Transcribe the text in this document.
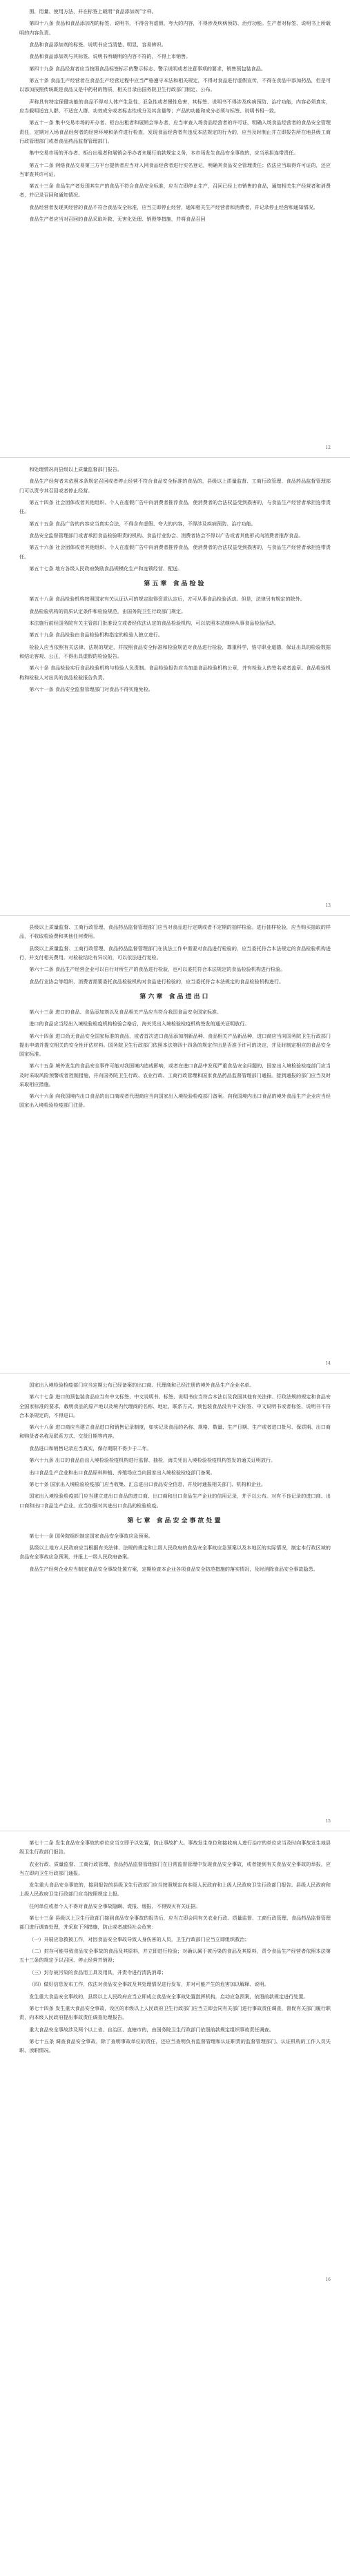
围、用量、使用方法，并在标签上载明“食品添加剂”字样。

第四十八条 食品和食品添加剂的标签、说明书，不得含有虚假、夸大的内容，不得涉及疾病预防、治疗功能。生产者对标签、说明书上所载明的内容负责。

食品和食品添加剂的标签、说明书应当清楚、明显，容易辨识。

食品和食品添加剂与其标签、说明书所载明的内容不符的，不得上市销售。

第四十九条 食品经营者应当按照食品标签标示的警示标志、警示说明或者注意事项的要求，销售预包装食品。

第五十条 食品生产经营者在食品生产经营过程中应当严格遵守本法和相关规定，不得对食品进行虚假宣传，不得在食品中添加药品，但是可以添加按照传统既是食品又是中药材的物质，相关目录由国务院卫生行政部门制定、公布。

声称具有特定保健功能的食品不得对人体产生急性、亚急性或者慢性危害，其标签、说明书不得涉及疾病预防、治疗功能，内容必须真实，应当载明适宜人群、不适宜人群、功效成分或者标志性成分及其含量等；产品的功能和成分必须与标签、说明书相一致。

第五十一条 集中交易市场的开办者、柜台出租者和展销会举办者，应当审查入场食品经营者的许可证，明确入场食品经营者的食品安全管理责任，定期对入场食品经营者的经营环境和条件进行检查，发现食品经营者有违反本法规定的行为的，应当及时制止并立即报告所在地县级工商行政管理部门或者食品药品监督管理部门。

集中交易市场的开办者、柜台出租者和展销会举办者未履行前款规定义务，本市场发生食品安全事故的，应当承担连带责任。

第五十二条 网络食品交易第三方平台提供者应当对入网食品经营者进行实名登记，明确其食品安全管理责任；依法应当取得许可证的，还应当审查其许可证。

第五十三条 食品生产者发现其生产的食品不符合食品安全标准，应当立即停止生产，召回已经上市销售的食品，通知相关生产经营者和消费者，并记录召回和通知情况。

食品经营者发现其经营的食品不符合食品安全标准，应当立即停止经营，通知相关生产经营者和消费者，并记录停止经营和通知情况。

食品生产者应当对召回的食品采取补救、无害化处理、销毁等措施，并将食品召回

12

和处理情况向县级以上质量监督部门报告。

食品生产经营者未依照本条规定召回或者停止经营不符合食品安全标准的食品的，县级以上质量监督、工商行政管理、食品药品监督管理部门可以责令其召回或者停止经营。

第五十四条 社会团体或者其他组织、个人在虚假广告中向消费者推荐食品，使消费者的合法权益受到损害的，与食品生产经营者承担连带责任。

第五十五条 食品广告的内容应当真实合法，不得含有虚假、夸大的内容，不得涉及疾病预防、治疗功能。

食品安全监督管理部门或者承担食品检验职责的机构、食品行业协会、消费者协会不得以广告或者其他形式向消费者推荐食品。

第五十六条 社会团体或者其他组织、个人在虚假广告中向消费者推荐食品，使消费者的合法权益受到损害的，与食品生产经营者承担连带责任。

第五十七条 地方各级人民政府鼓励食品规模化生产和连锁经营、配送。

第五章 食品检验

第五十八条 食品检验机构按照国家有关认证认可的规定取得资质认定后，方可从事食品检验活动。但是，法律另有规定的除外。

食品检验机构的资质认定条件和检验规范，由国务院卫生行政部门规定。

本法施行前经国务院有关主管部门批准设立或者经依法认定的食品检验机构，可以依照本法继续从事食品检验活动。

第五十九条 食品检验由食品检验机构指定的检验人独立进行。

检验人应当依照有关法律、法规的规定，并按照食品安全标准和检验规范对食品进行检验，尊重科学，恪守职业道德，保证出具的检验数据和结论客观、公正，不得出具虚假的检验报告。

第六十条 食品检验实行食品检验机构与检验人负责制。食品检验报告应当加盖食品检验机构公章，并有检验人的签名或者盖章。食品检验机构和检验人对出具的食品检验报告负责。

第六十一条 食品安全监督管理部门对食品不得实施免检。

13

县级以上质量监督、工商行政管理、食品药品监督管理部门应当对食品进行定期或者不定期的抽样检验。进行抽样检验，应当购买抽取的样品，不收取检验费和其他任何费用。

县级以上质量监督、工商行政管理、食品药品监督管理部门在执法工作中需要对食品进行检验的，应当委托符合本法规定的食品检验机构进行，并支付相关费用。对检验结论有异议的，可以依法进行复检。

第六十二条 食品生产经营企业可以自行对所生产的食品进行检验，也可以委托符合本法规定的食品检验机构进行检验。

食品行业协会等组织、消费者需要委托食品检验机构对食品进行检验的，应当委托符合本法规定的食品检验机构进行。

第六章 食品进出口

第六十三条 进口的食品、食品添加剂以及食品相关产品应当符合我国食品安全国家标准。

进口的食品应当经出入境检验检疫机构检验合格后，海关凭出入境检验检疫机构签发的通关证明放行。

第六十四条 进口尚无食品安全国家标准的食品，或者首次进口食品添加剂新品种、食品相关产品新品种，进口商应当向国务院卫生行政部门提出申请并提交相关的安全性评估材料。国务院卫生行政部门依照本法第四十四条的规定作出是否准予许可的决定，并及时制定相应的食品安全国家标准。

第六十五条 境外发生的食品安全事件可能对我国境内造成影响，或者在进口食品中发现严重食品安全问题的，国家出入境检验检疫部门应当及时采取风险预警或者控制措施，并向国务院卫生行政、农业行政、工商行政管理和国家食品药品监督管理部门通报。接到通报的部门应当及时采取相应措施。

第六十六条 向我国境内出口食品的出口商或者代理商应当向国家出入境检验检疫部门备案。向我国境内出口食品的境外食品生产企业应当经国家出入境检验检疫部门注册。

14

国家出入境检验检疫部门应当定期公布已经备案的出口商、代理商和已经注册的境外食品生产企业名单。

第六十七条 进口的预包装食品应当有中文标签、中文说明书。标签、说明书应当符合本法以及我国其他有关法律、行政法规的规定和食品安全国家标准的要求，载明食品的原产地以及境内代理商的名称、地址、联系方式。预包装食品没有中文标签、中文说明书或者标签、说明书不符合本条规定的，不得进口。

第六十八条 进口商应当建立食品进口和销售记录制度，如实记录食品的名称、规格、数量、生产日期、生产或者进口批号、保质期、出口商和购货者名称及联系方式、交货日期等内容。

食品进口和销售记录应当真实，保存期限不得少于二年。

第六十九条 出口的食品由出入境检验检疫机构进行监督、抽检，海关凭出入境检验检疫机构签发的通关证明放行。

出口食品生产企业和出口食品原料种植、养殖场应当向国家出入境检验检疫部门备案。

第七十条 国家出入境检验检疫部门应当收集、汇总进出口食品安全信息，并及时通报相关部门、机构和企业。

国家出入境检验检疫部门应当建立进出口食品的进口商、出口商和出口食品生产企业的信用记录，并予以公布。对有不良记录的进口商、出口商和出口食品生产企业，应当加强对其进出口食品的检验检疫。

第七章 食品安全事故处置

第七十一条 国务院组织制定国家食品安全事故应急预案。

县级以上地方人民政府应当根据有关法律、法规的规定和上级人民政府的食品安全事故应急预案以及本地区的实际情况，制定本行政区域的食品安全事故应急预案，并报上一级人民政府备案。

食品生产经营企业应当制定食品安全事故处置方案，定期检查本企业各项食品安全防范措施的落实情况，及时消除食品安全事故隐患。

15

第七十二条 发生食品安全事故的单位应当立即予以处置，防止事故扩大。事故发生单位和接收病人进行治疗的单位应当及时向事故发生地县级卫生行政部门报告。

农业行政、质量监督、工商行政管理、食品药品监督管理部门在日常监督管理中发现食品安全事故，或者接到有关食品安全事故的举报，应当立即向卫生行政部门通报。

发生重大食品安全事故的，接到报告的县级卫生行政部门应当按照规定向本级人民政府和上级人民政府卫生行政部门报告。县级人民政府和上级人民政府卫生行政部门应当按照规定上报。

任何单位或者个人不得对食品安全事故隐瞒、谎报、缓报，不得毁灭有关证据。

第七十三条 县级以上卫生行政部门接到食品安全事故的报告后，应当立即会同有关农业行政、质量监督、工商行政管理、食品药品监督管理部门进行调查处理，并采取下列措施，防止或者减轻社会危害：

（一）开展应急救援工作，对因食品安全事故导致人身伤害的人员，卫生行政部门应当立即组织救治；

（二）封存可能导致食品安全事故的食品及其原料，并立即进行检验；对确认属于被污染的食品及其原料，责令食品生产经营者依照本法第五十三条的规定予以召回、停止经营并销毁；

（三）封存被污染的食品用工具及用具，并责令进行清洗消毒；

（四）做好信息发布工作，依法对食品安全事故及其处理情况进行发布，并对可能产生的危害加以解释、说明。

发生重大食品安全事故的，县级以上人民政府应当立即成立食品安全事故处置指挥机构，启动应急预案，依照前款规定进行处置。

第七十四条 发生重大食品安全事故，设区的市级以上人民政府卫生行政部门应当立即会同有关部门进行事故责任调查，督促有关部门履行职责，向本级人民政府提出事故责任调查处理报告。

重大食品安全事故涉及两个以上省、自治区、直辖市的，由国务院卫生行政部门依照前款规定组织事故责任调查。

第七十五条 调查食品安全事故，除了查明事故单位的责任，还应当查明负有监督管理和认证职责的监督管理部门、认证机构的工作人员失职、渎职情况。

16
